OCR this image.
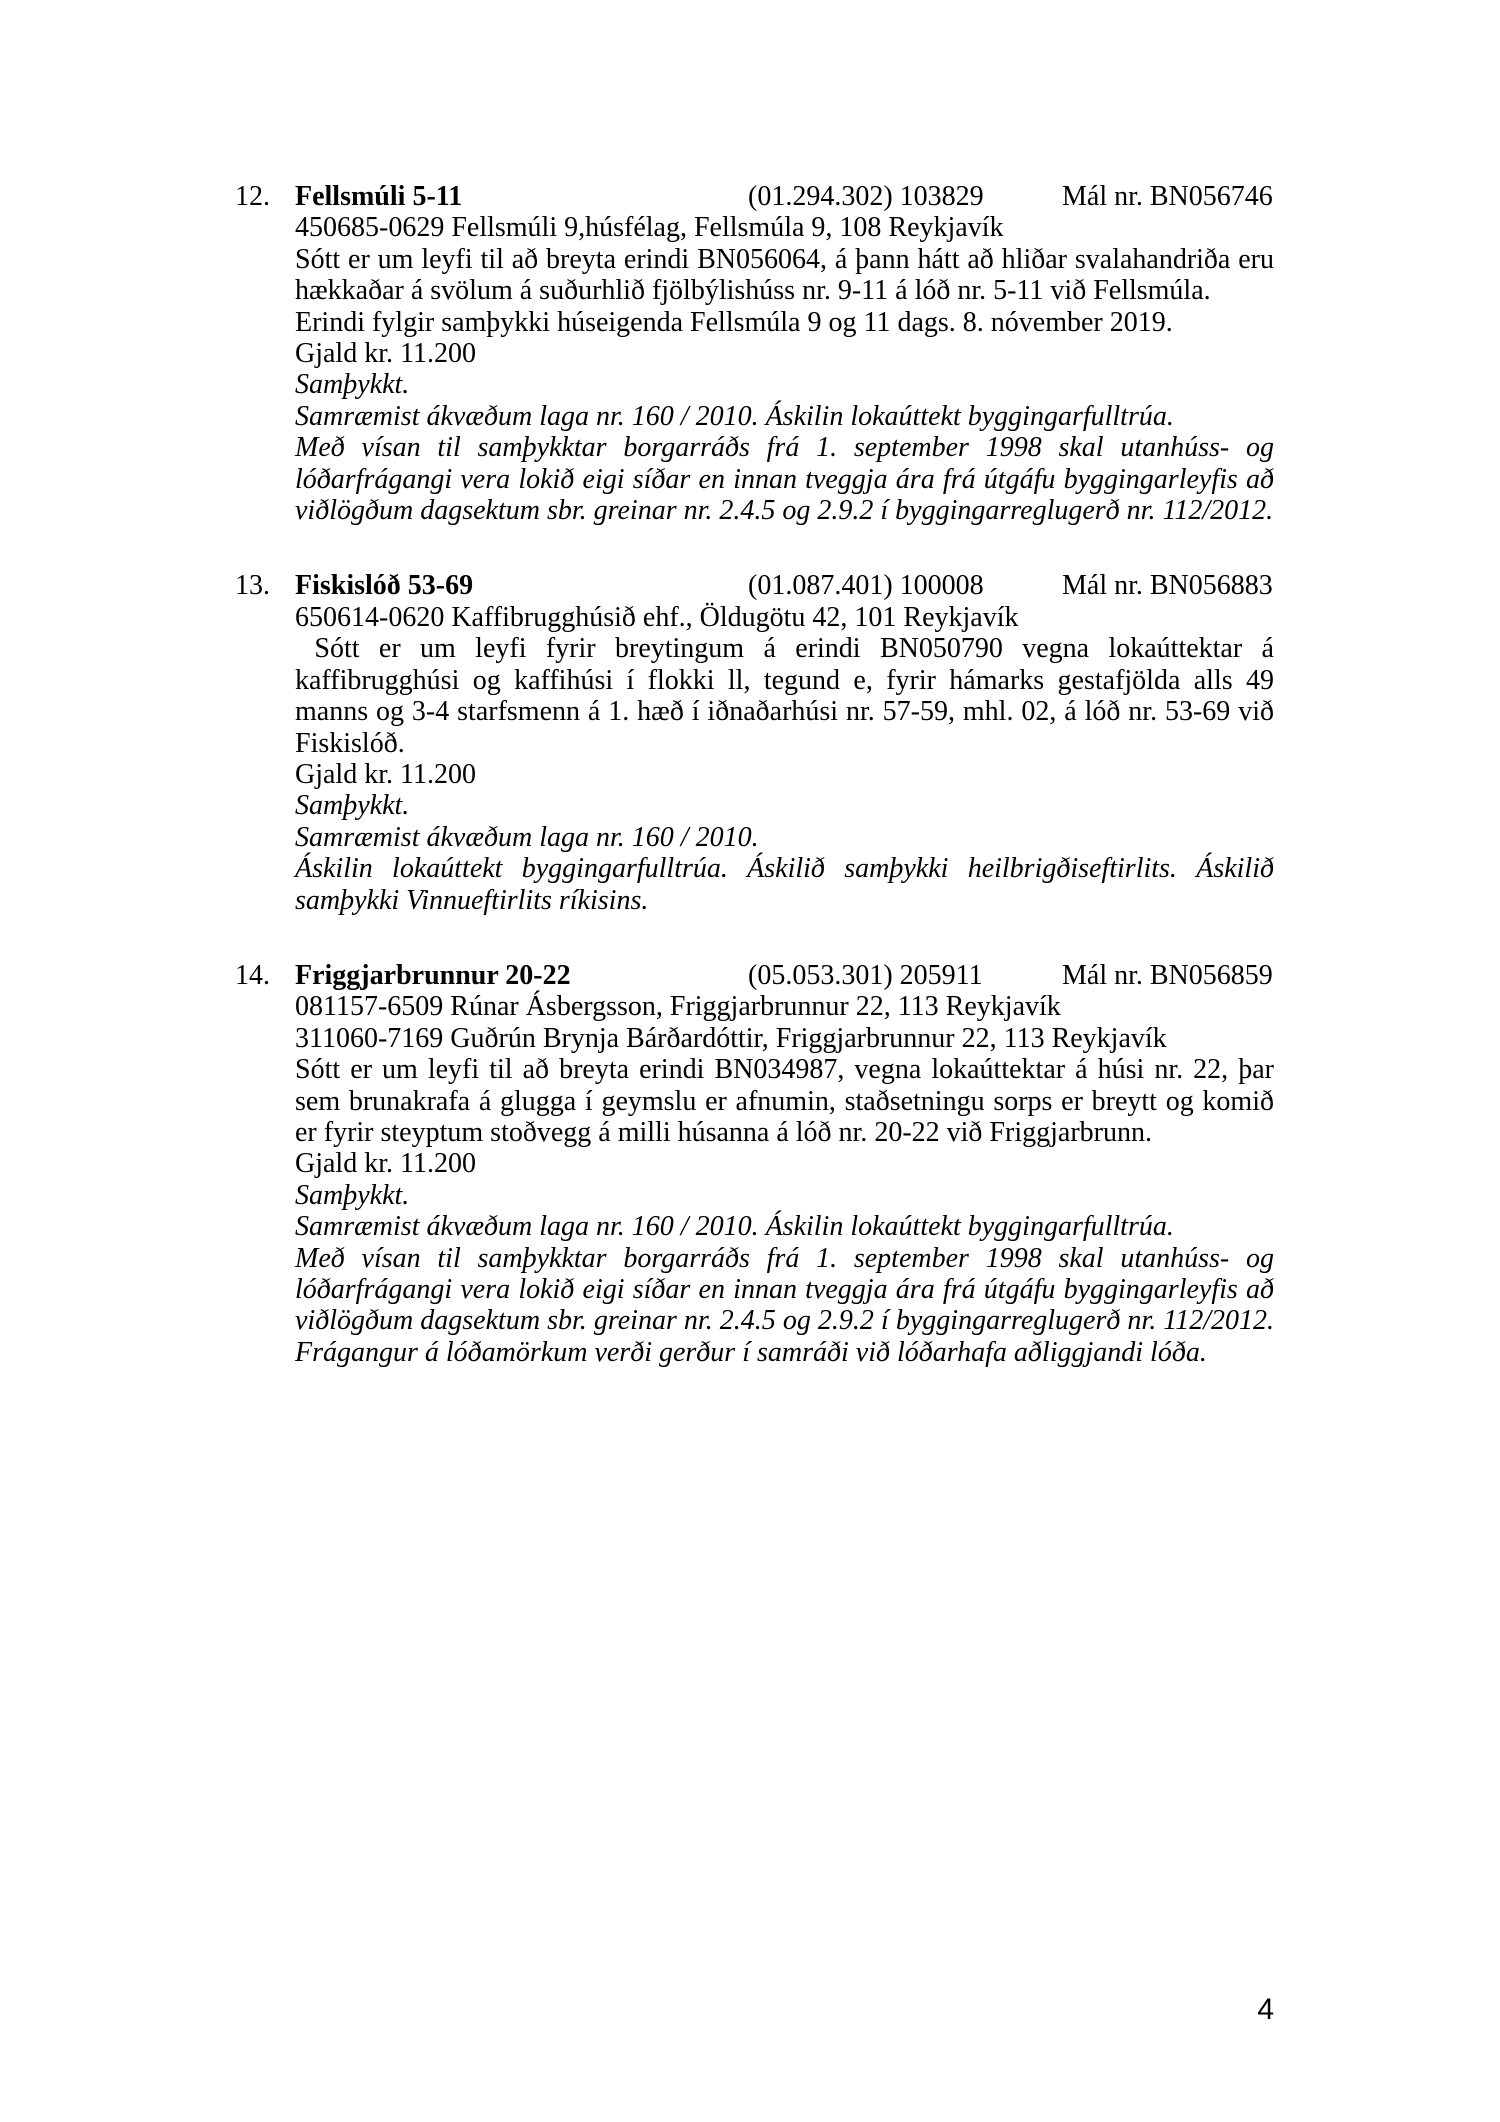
12. Fellsmúli 5-11	(01.294.302) 103829	Mál nr. BN056746

450685-0629 Fellsmúli 9,húsfélag, Fellsmúla 9, 108 Reykjavík

Sótt er um leyfi til að breyta erindi BN056064, á þann hátt að hliðar svalahandriða eru hækkaðar á svölum á suðurhlið fjölbýlishúss nr. 9-11 á lóð nr. 5-11 við Fellsmúla.

Erindi fylgir samþykki húseigenda Fellsmúla 9 og 11 dags. 8. nóvember 2019.

Gjald kr. 11.200

Samþykkt.

Samræmist ákvæðum laga nr. 160 / 2010. Áskilin lokaúttekt byggingarfulltrúa.

Með vísan til samþykktar borgarráðs frá 1. september 1998 skal utanhúss- og lóðarfrágangi vera lokið eigi síðar en innan tveggja ára frá útgáfu byggingarleyfis að viðlögðum dagsektum sbr. greinar nr. 2.4.5 og 2.9.2 í byggingarreglugerð nr. 112/2012.

13. Fiskislóð 53-69	(01.087.401) 100008	Mál nr. BN056883

650614-0620 Kaffibrugghúsið ehf., Öldugötu 42, 101 Reykjavík

Sótt er um leyfi fyrir breytingum á erindi BN050790 vegna lokaúttektar á kaffibrugghúsi og kaffihúsi í flokki ll, tegund e, fyrir hámarks gestafjölda alls 49 manns og 3-4 starfsmenn á 1. hæð í iðnaðarhúsi nr. 57-59, mhl. 02, á lóð nr. 53-69 við Fiskislóð.

Gjald kr. 11.200

Samþykkt.

Samræmist ákvæðum laga nr. 160 / 2010.

Áskilin lokaúttekt byggingarfulltrúa. Áskilið samþykki heilbrigðiseftirlits. Áskilið samþykki Vinnueftirlits ríkisins.

14. Friggjarbrunnur 20-22	(05.053.301) 205911	Mál nr. BN056859

081157-6509 Rúnar Ásbergsson, Friggjarbrunnur 22, 113 Reykjavík

311060-7169 Guðrún Brynja Bárðardóttir, Friggjarbrunnur 22, 113 Reykjavík

Sótt er um leyfi til að breyta erindi BN034987, vegna lokaúttektar á húsi nr. 22, þar sem brunakrafa á glugga í geymslu er afnumin, staðsetningu sorps er breytt og komið er fyrir steyptum stoðvegg á milli húsanna á lóð nr. 20-22 við Friggjarbrunn.

Gjald kr. 11.200

Samþykkt.

Samræmist ákvæðum laga nr. 160 / 2010. Áskilin lokaúttekt byggingarfulltrúa.

Með vísan til samþykktar borgarráðs frá 1. september 1998 skal utanhúss- og lóðarfrágangi vera lokið eigi síðar en innan tveggja ára frá útgáfu byggingarleyfis að viðlögðum dagsektum sbr. greinar nr. 2.4.5 og 2.9.2 í byggingarreglugerð nr. 112/2012. Frágangur á lóðamörkum verði gerður í samráði við lóðarhafa aðliggjandi lóða.

4
